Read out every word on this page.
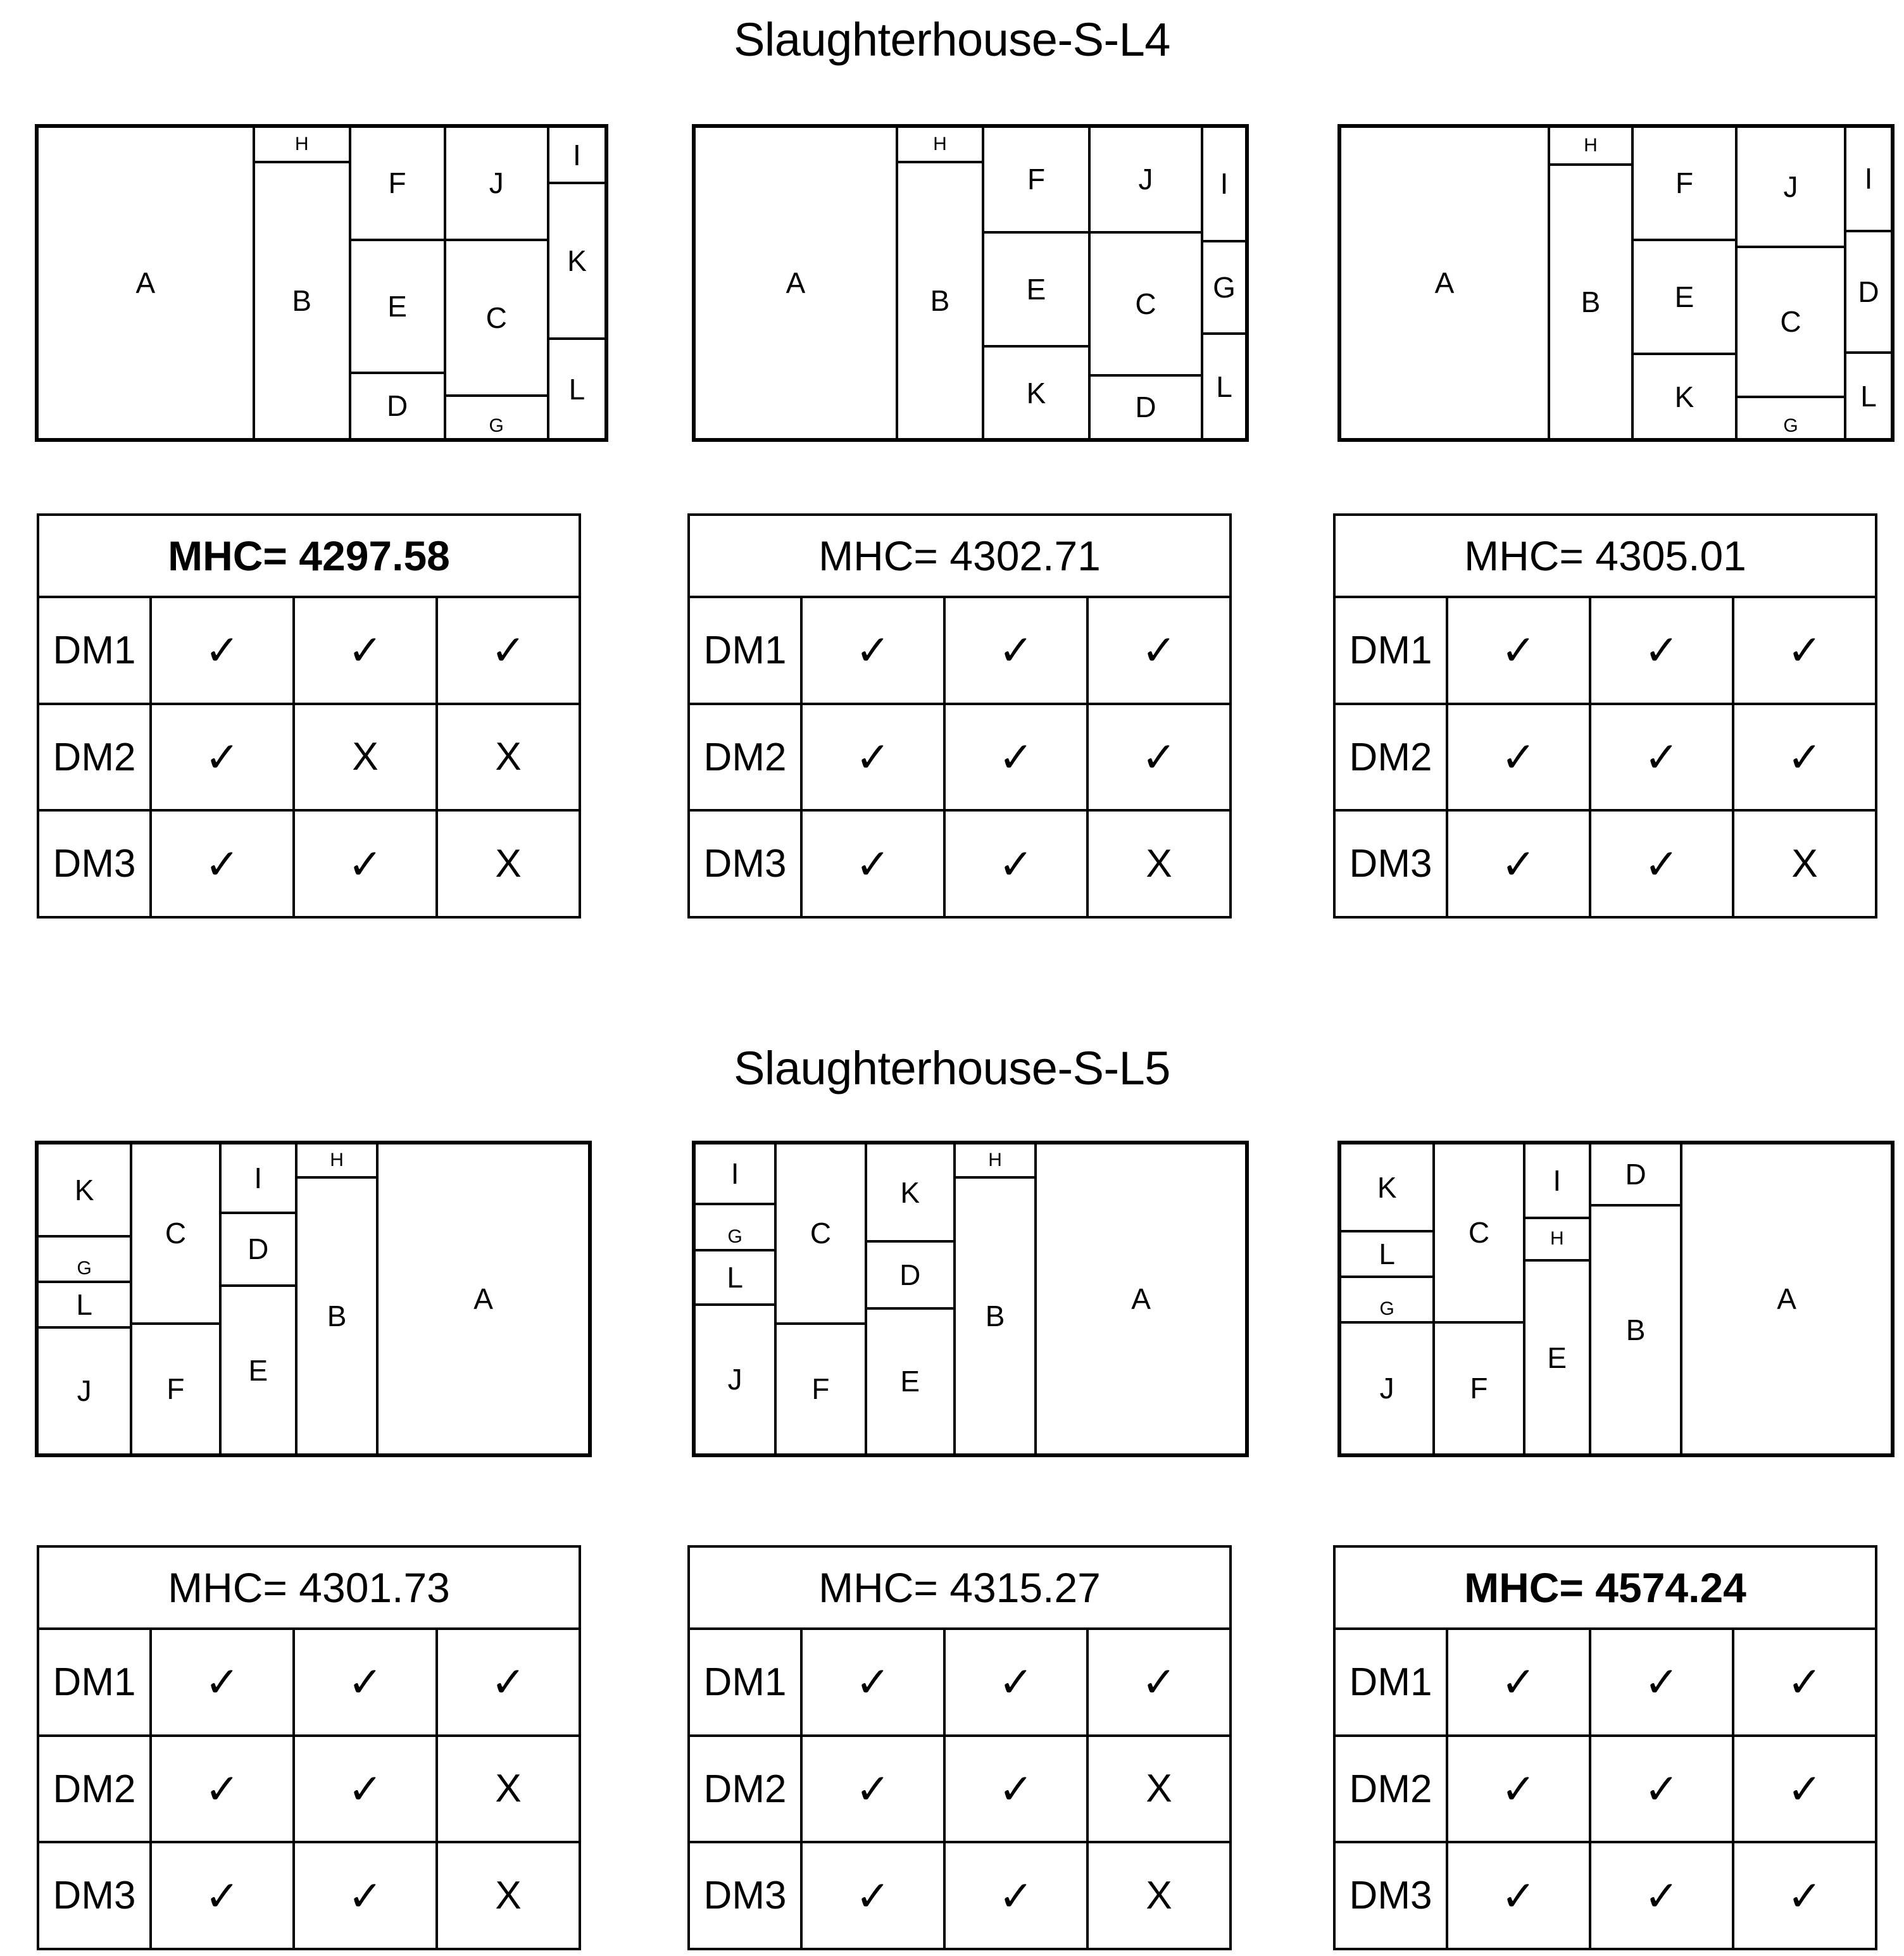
Slaughterhouse-S-L4
A
H
B
F
E
D
J
C
G
I
K
L
A
H
B
F
E
K
J
C
D
I
G
L
A
H
B
F
E
K
J
C
G
I
D
L
MHC= 4297.58
DM1	✓	✓	✓
DM2	✓	X	X
DM3	✓	✓	X
MHC= 4302.71
DM1	✓	✓	✓
DM2	✓	✓	✓
DM3	✓	✓	X
MHC= 4305.01
DM1	✓	✓	✓
DM2	✓	✓	✓
DM3	✓	✓	X
Slaughterhouse-S-L5
K
G
L
J
C
F
I
D
E
H
B
A
I
G
L
J
C
F
K
D
E
H
B
A
K
L
G
J
C
F
I
H
E
D
B
A
MHC= 4301.73
DM1	✓	✓	✓
DM2	✓	✓	X
DM3	✓	✓	X
MHC= 4315.27
DM1	✓	✓	✓
DM2	✓	✓	X
DM3	✓	✓	X
MHC= 4574.24
DM1	✓	✓	✓
DM2	✓	✓	✓
DM3	✓	✓	✓
